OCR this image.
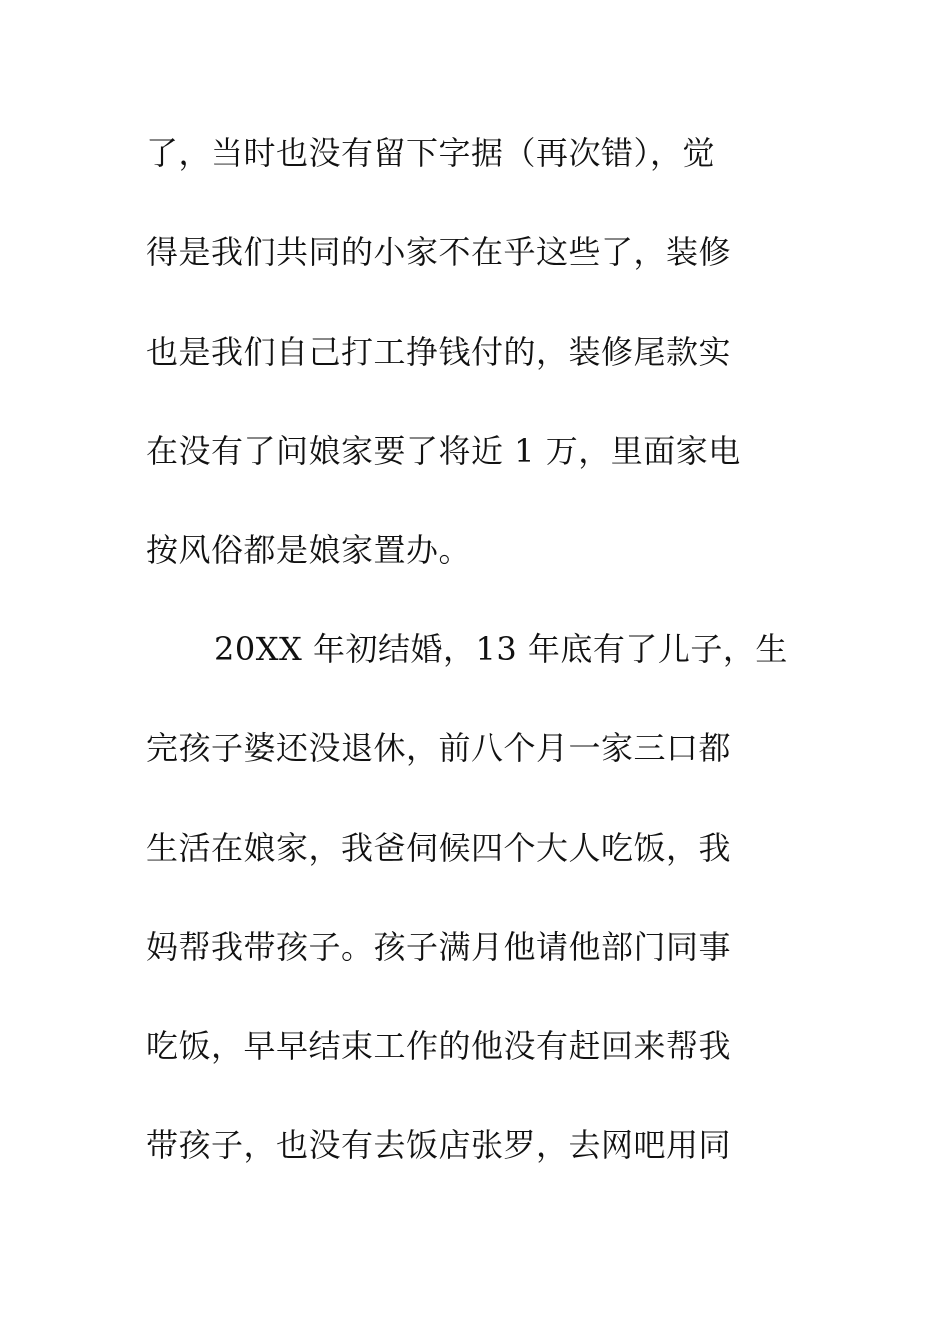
了，当时也没有留下字据（再次错），觉

得是我们共同的小家不在乎这些了，装修

也是我们自己打工挣钱付的，装修尾款实

在没有了问娘家要了将近 1 万，里面家电

按风俗都是娘家置办。

20XX 年初结婚，13 年底有了儿子，生

完孩子婆还没退休，前八个月一家三口都

生活在娘家，我爸伺候四个大人吃饭，我

妈帮我带孩子。孩子满月他请他部门同事

吃饭，早早结束工作的他没有赶回来帮我

带孩子，也没有去饭店张罗，去网吧用同
